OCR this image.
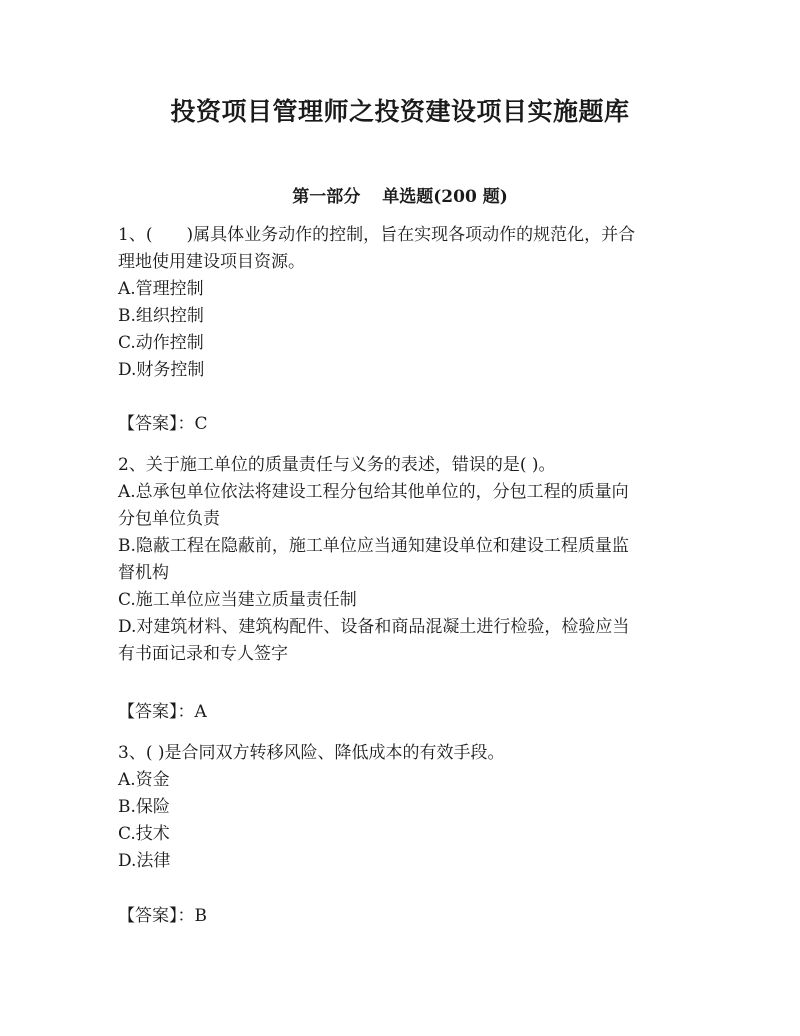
投资项目管理师之投资建设项目实施题库
第一部分 单选题(200 题)
1、(　　)属具体业务动作的控制，旨在实现各项动作的规范化，并合
理地使用建设项目资源。
A.管理控制
B.组织控制
C.动作控制
D.财务控制
【答案】：C
2、关于施工单位的质量责任与义务的表述，错误的是( )。
A.总承包单位依法将建设工程分包给其他单位的，分包工程的质量向
分包单位负责
B.隐蔽工程在隐蔽前，施工单位应当通知建设单位和建设工程质量监
督机构
C.施工单位应当建立质量责任制
D.对建筑材料、建筑构配件、设备和商品混凝土进行检验，检验应当
有书面记录和专人签字
【答案】：A
3、( )是合同双方转移风险、降低成本的有效手段。
A.资金
B.保险
C.技术
D.法律
【答案】：B
